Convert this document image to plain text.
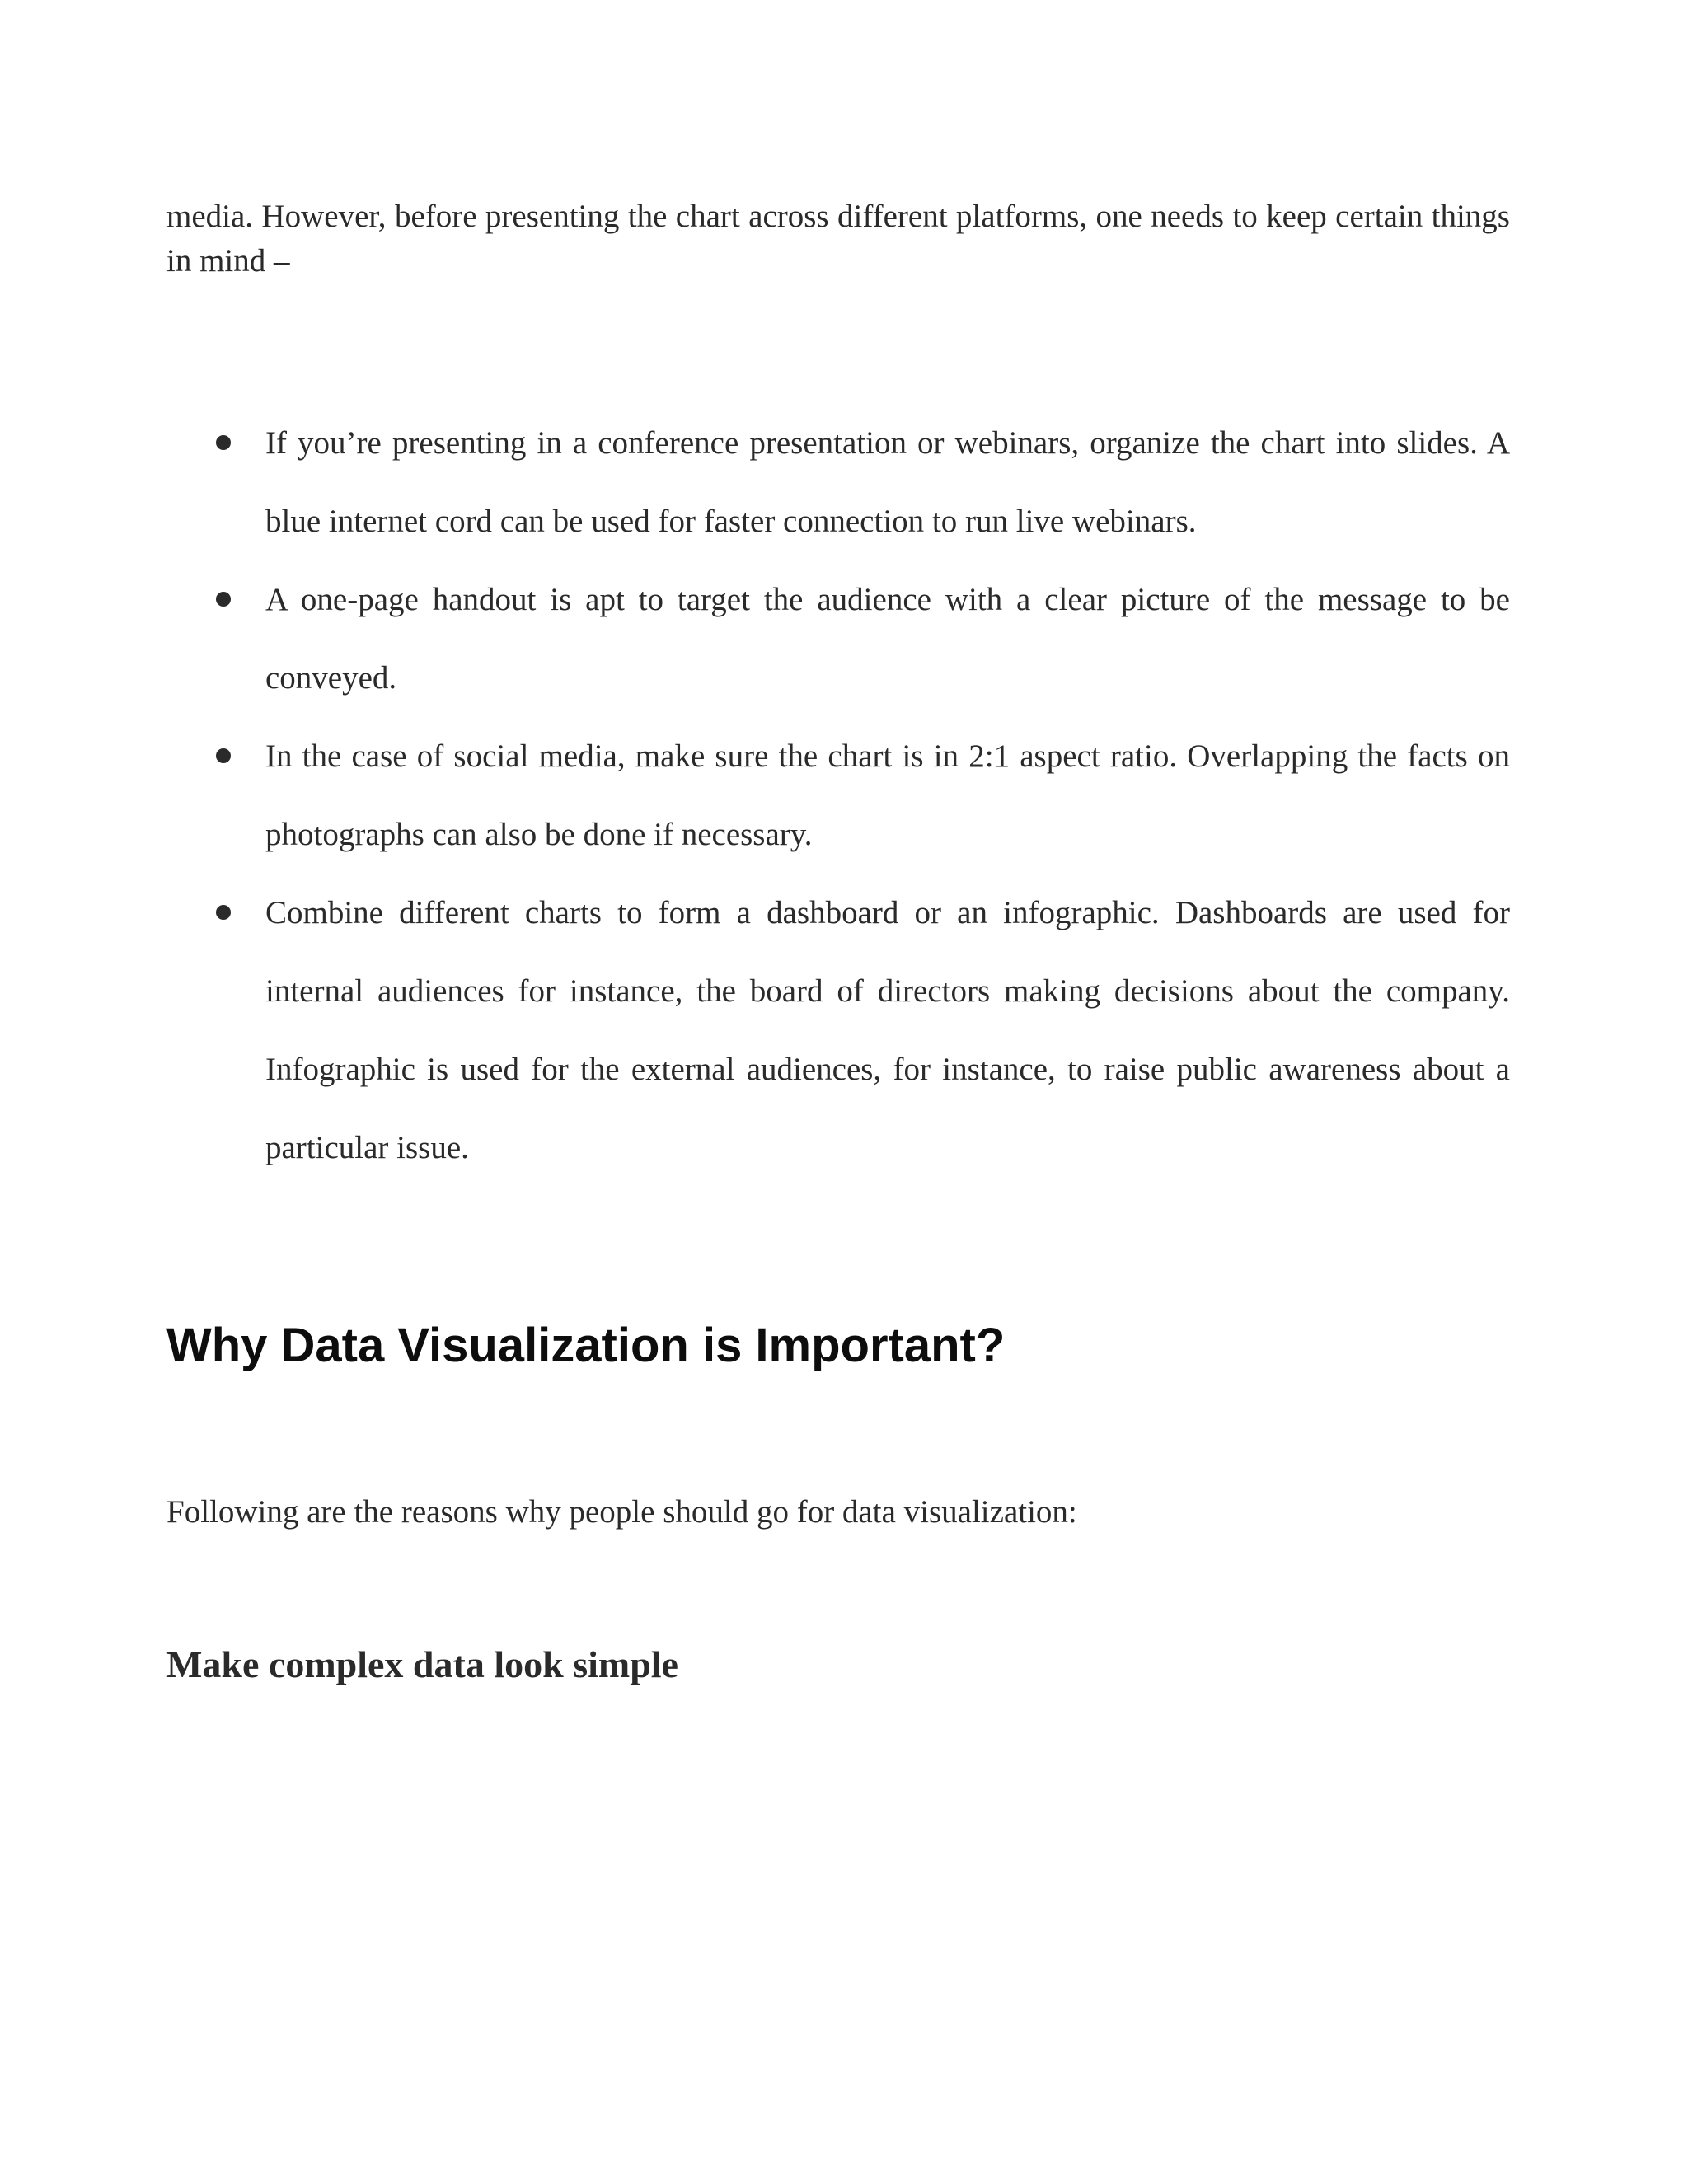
media. However, before presenting the chart across different platforms, one needs to keep certain things in mind –

If you’re presenting in a conference presentation or webinars, organize the chart into slides. A blue internet cord can be used for faster connection to run live webinars.
A one-page handout is apt to target the audience with a clear picture of the message to be conveyed.
In the case of social media, make sure the chart is in 2:1 aspect ratio. Overlapping the facts on photographs can also be done if necessary.
Combine different charts to form a dashboard or an infographic. Dashboards are used for internal audiences for instance, the board of directors making decisions about the company. Infographic is used for the external audiences, for instance, to raise public awareness about a particular issue.
Why Data Visualization is Important?

Following are the reasons why people should go for data visualization:

Make complex data look simple
